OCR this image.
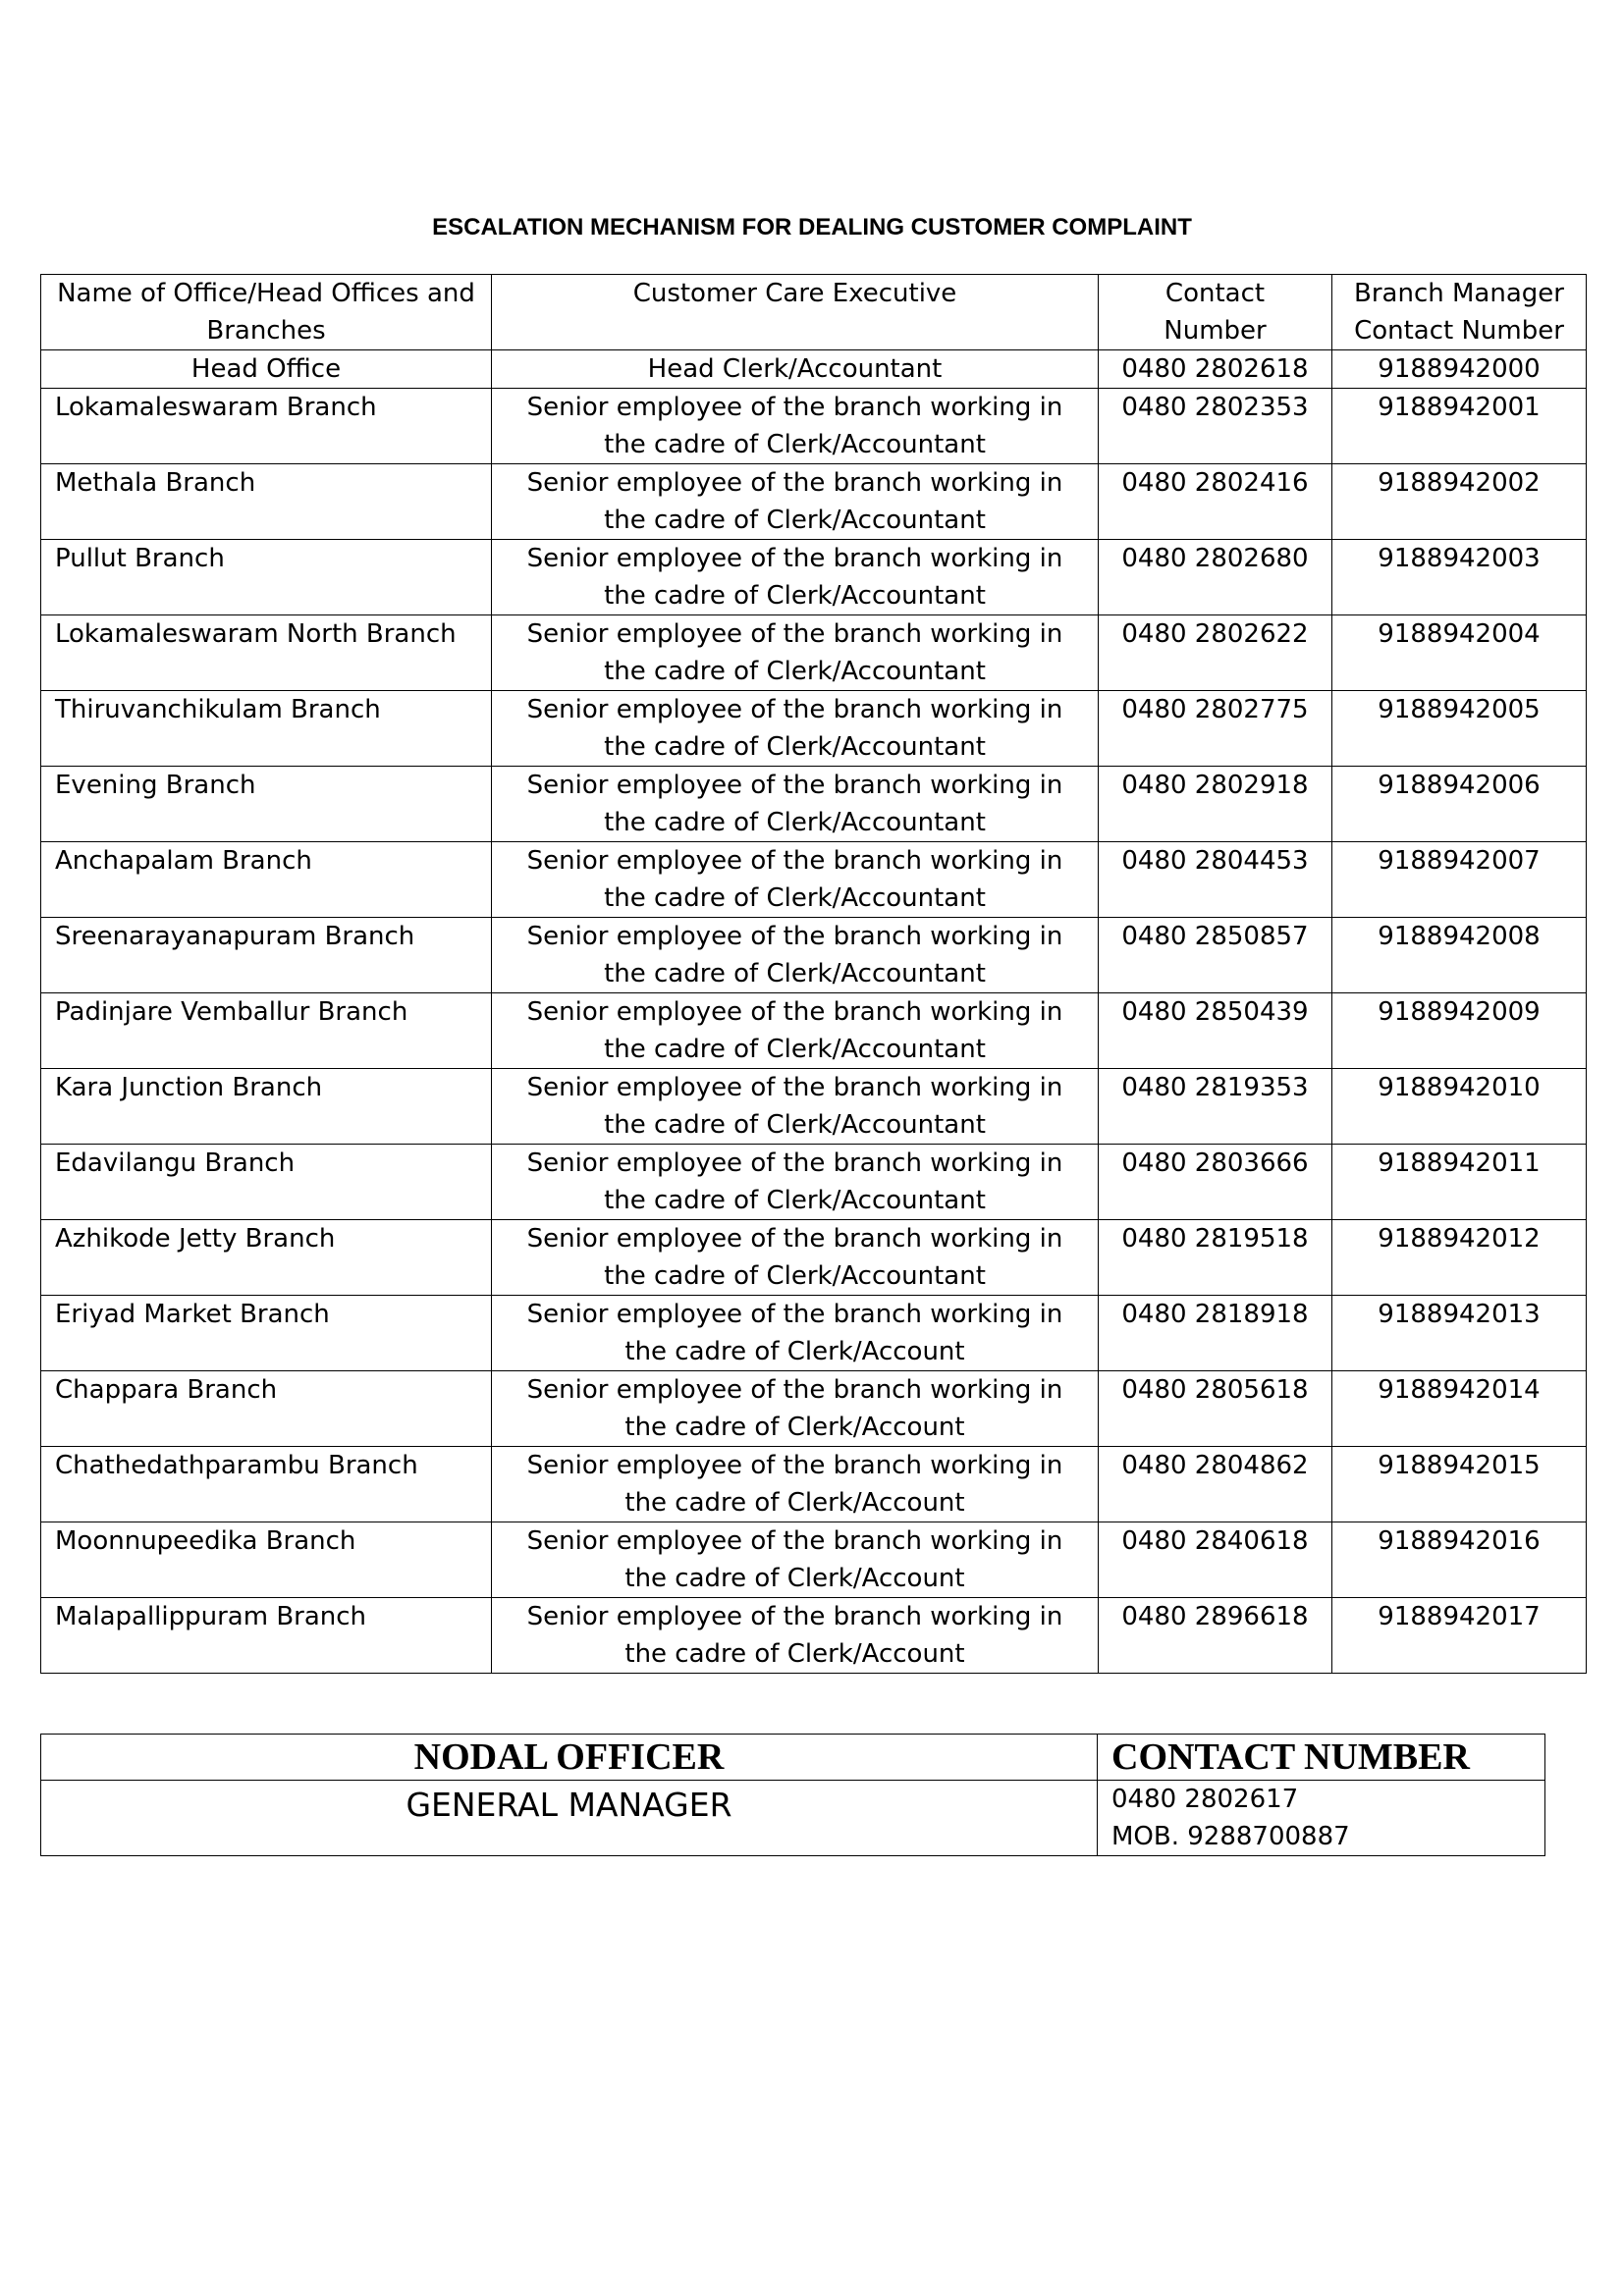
ESCALATION MECHANISM FOR DEALING CUSTOMER COMPLAINT
Name of Office/Head Offices and Branches	Customer Care Executive	Contact Number	Branch Manager Contact Number
Head Office	Head Clerk/Accountant	0480 2802618	9188942000
Lokamaleswaram Branch	Senior employee of the branch working in the cadre of Clerk/Accountant	0480 2802353	9188942001
Methala Branch	Senior employee of the branch working in the cadre of Clerk/Accountant	0480 2802416	9188942002
Pullut Branch	Senior employee of the branch working in the cadre of Clerk/Accountant	0480 2802680	9188942003
Lokamaleswaram North Branch	Senior employee of the branch working in the cadre of Clerk/Accountant	0480 2802622	9188942004
Thiruvanchikulam Branch	Senior employee of the branch working in the cadre of Clerk/Accountant	0480 2802775	9188942005
Evening Branch	Senior employee of the branch working in the cadre of Clerk/Accountant	0480 2802918	9188942006
Anchapalam Branch	Senior employee of the branch working in the cadre of Clerk/Accountant	0480 2804453	9188942007
Sreenarayanapuram Branch	Senior employee of the branch working in the cadre of Clerk/Accountant	0480 2850857	9188942008
Padinjare Vemballur Branch	Senior employee of the branch working in the cadre of Clerk/Accountant	0480 2850439	9188942009
Kara Junction Branch	Senior employee of the branch working in the cadre of Clerk/Accountant	0480 2819353	9188942010
Edavilangu Branch	Senior employee of the branch working in the cadre of Clerk/Accountant	0480 2803666	9188942011
Azhikode Jetty Branch	Senior employee of the branch working in the cadre of Clerk/Accountant	0480 2819518	9188942012
Eriyad Market Branch	Senior employee of the branch working in the cadre of Clerk/Account	0480 2818918	9188942013
Chappara Branch	Senior employee of the branch working in the cadre of Clerk/Account	0480 2805618	9188942014
Chathedathparambu Branch	Senior employee of the branch working in the cadre of Clerk/Account	0480 2804862	9188942015
Moonnupeedika Branch	Senior employee of the branch working in the cadre of Clerk/Account	0480 2840618	9188942016
Malapallippuram Branch	Senior employee of the branch working in the cadre of Clerk/Account	0480 2896618	9188942017
NODAL OFFICER	CONTACT NUMBER
GENERAL MANAGER	0480 2802617
MOB. 9288700887
